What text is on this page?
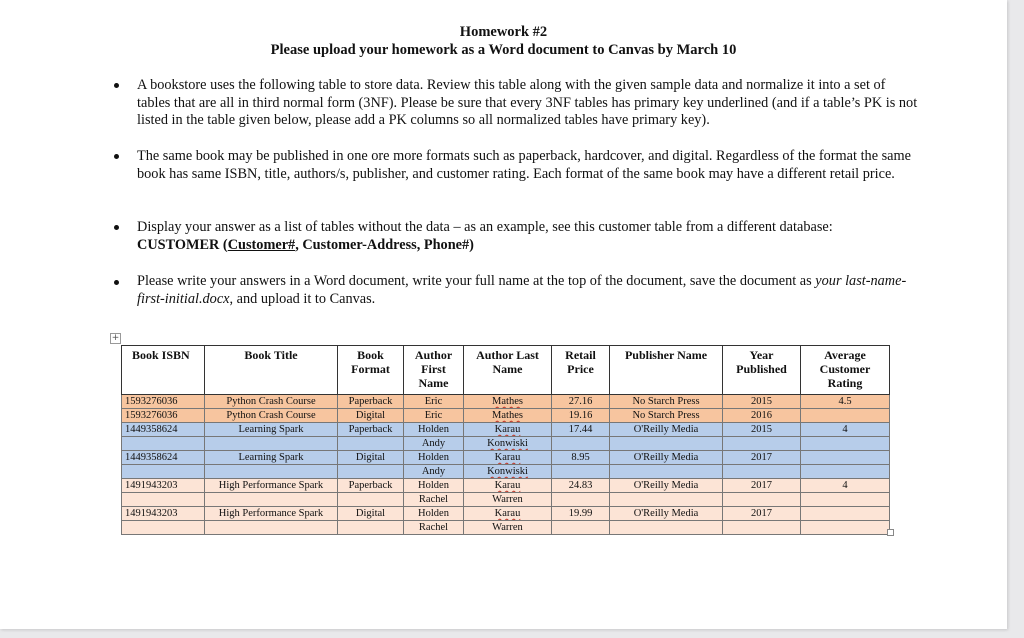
Homework #2
Please upload your homework as a Word document to Canvas by March 10
A bookstore uses the following table to store data. Review this table along with the given sample data and normalize it into a set of tables that are all in third normal form (3NF). Please be sure that every 3NF tables has primary key underlined (and if a table’s PK is not listed in the table given below, please add a PK columns so all normalized tables have primary key).
The same book may be published in one ore more formats such as paperback, hardcover, and digital. Regardless of the format the same book has same ISBN, title, authors/s, publisher, and customer rating. Each format of the same book may have a different retail price.
Display your answer as a list of tables without the data – as an example, see this customer table from a different database:
CUSTOMER (Customer#, Customer-Address, Phone#)
Please write your answers in a Word document, write your full name at the top of the document, save the document as your last-name-first-initial.docx, and upload it to Canvas.
+
Book ISBN	Book Title	Book Format	Author First Name	Author Last Name	Retail Price	Publisher Name	Year Published	Average Customer Rating
1593276036	Python Crash Course	Paperback	Eric	Mathes	27.16	No Starch Press	2015	4.5
1593276036	Python Crash Course	Digital	Eric	Mathes	19.16	No Starch Press	2016	
1449358624	Learning Spark	Paperback	Holden	Karau	17.44	O'Reilly Media	2015	4
			Andy	Konwiski				
1449358624	Learning Spark	Digital	Holden	Karau	8.95	O'Reilly Media	2017	
			Andy	Konwiski				
1491943203	High Performance Spark	Paperback	Holden	Karau	24.83	O'Reilly Media	2017	4
			Rachel	Warren				
1491943203	High Performance Spark	Digital	Holden	Karau	19.99	O'Reilly Media	2017	
			Rachel	Warren				
